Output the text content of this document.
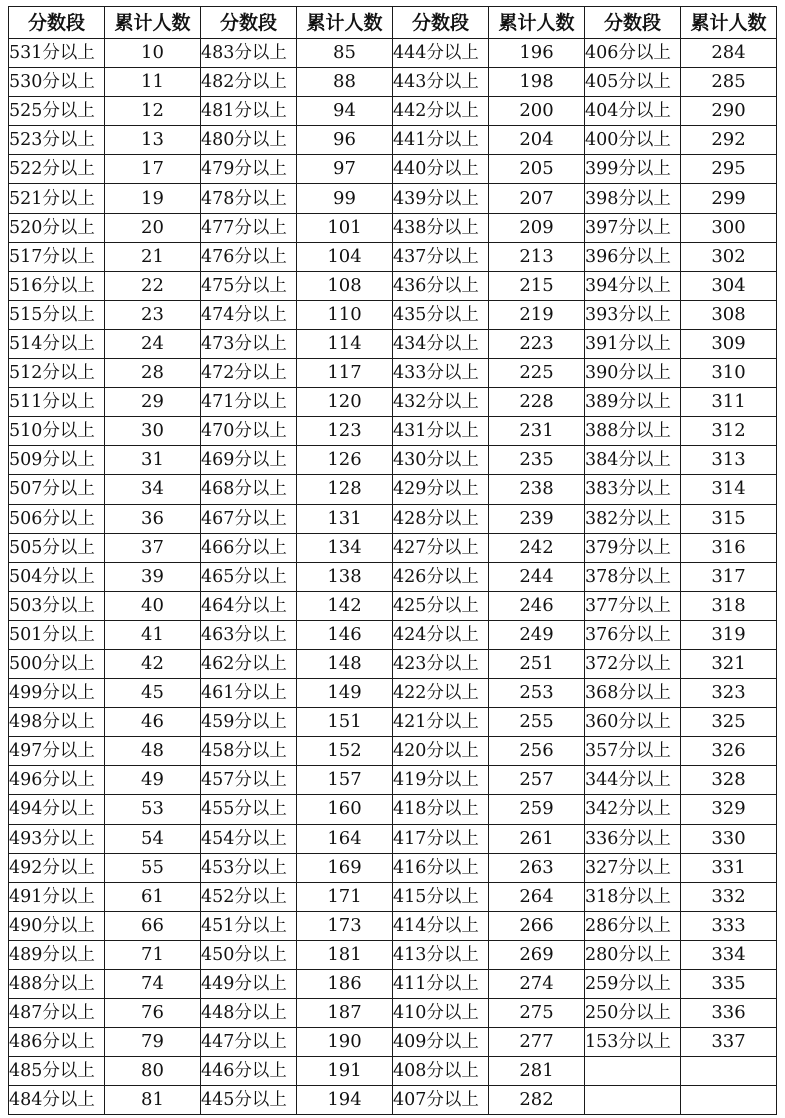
分数段	累计人数	分数段	累计人数	分数段	累计人数	分数段	累计人数
531分以上	10	483分以上	85	444分以上	196	406分以上	284
530分以上	11	482分以上	88	443分以上	198	405分以上	285
525分以上	12	481分以上	94	442分以上	200	404分以上	290
523分以上	13	480分以上	96	441分以上	204	400分以上	292
522分以上	17	479分以上	97	440分以上	205	399分以上	295
521分以上	19	478分以上	99	439分以上	207	398分以上	299
520分以上	20	477分以上	101	438分以上	209	397分以上	300
517分以上	21	476分以上	104	437分以上	213	396分以上	302
516分以上	22	475分以上	108	436分以上	215	394分以上	304
515分以上	23	474分以上	110	435分以上	219	393分以上	308
514分以上	24	473分以上	114	434分以上	223	391分以上	309
512分以上	28	472分以上	117	433分以上	225	390分以上	310
511分以上	29	471分以上	120	432分以上	228	389分以上	311
510分以上	30	470分以上	123	431分以上	231	388分以上	312
509分以上	31	469分以上	126	430分以上	235	384分以上	313
507分以上	34	468分以上	128	429分以上	238	383分以上	314
506分以上	36	467分以上	131	428分以上	239	382分以上	315
505分以上	37	466分以上	134	427分以上	242	379分以上	316
504分以上	39	465分以上	138	426分以上	244	378分以上	317
503分以上	40	464分以上	142	425分以上	246	377分以上	318
501分以上	41	463分以上	146	424分以上	249	376分以上	319
500分以上	42	462分以上	148	423分以上	251	372分以上	321
499分以上	45	461分以上	149	422分以上	253	368分以上	323
498分以上	46	459分以上	151	421分以上	255	360分以上	325
497分以上	48	458分以上	152	420分以上	256	357分以上	326
496分以上	49	457分以上	157	419分以上	257	344分以上	328
494分以上	53	455分以上	160	418分以上	259	342分以上	329
493分以上	54	454分以上	164	417分以上	261	336分以上	330
492分以上	55	453分以上	169	416分以上	263	327分以上	331
491分以上	61	452分以上	171	415分以上	264	318分以上	332
490分以上	66	451分以上	173	414分以上	266	286分以上	333
489分以上	71	450分以上	181	413分以上	269	280分以上	334
488分以上	74	449分以上	186	411分以上	274	259分以上	335
487分以上	76	448分以上	187	410分以上	275	250分以上	336
486分以上	79	447分以上	190	409分以上	277	153分以上	337
485分以上	80	446分以上	191	408分以上	281		
484分以上	81	445分以上	194	407分以上	282		
